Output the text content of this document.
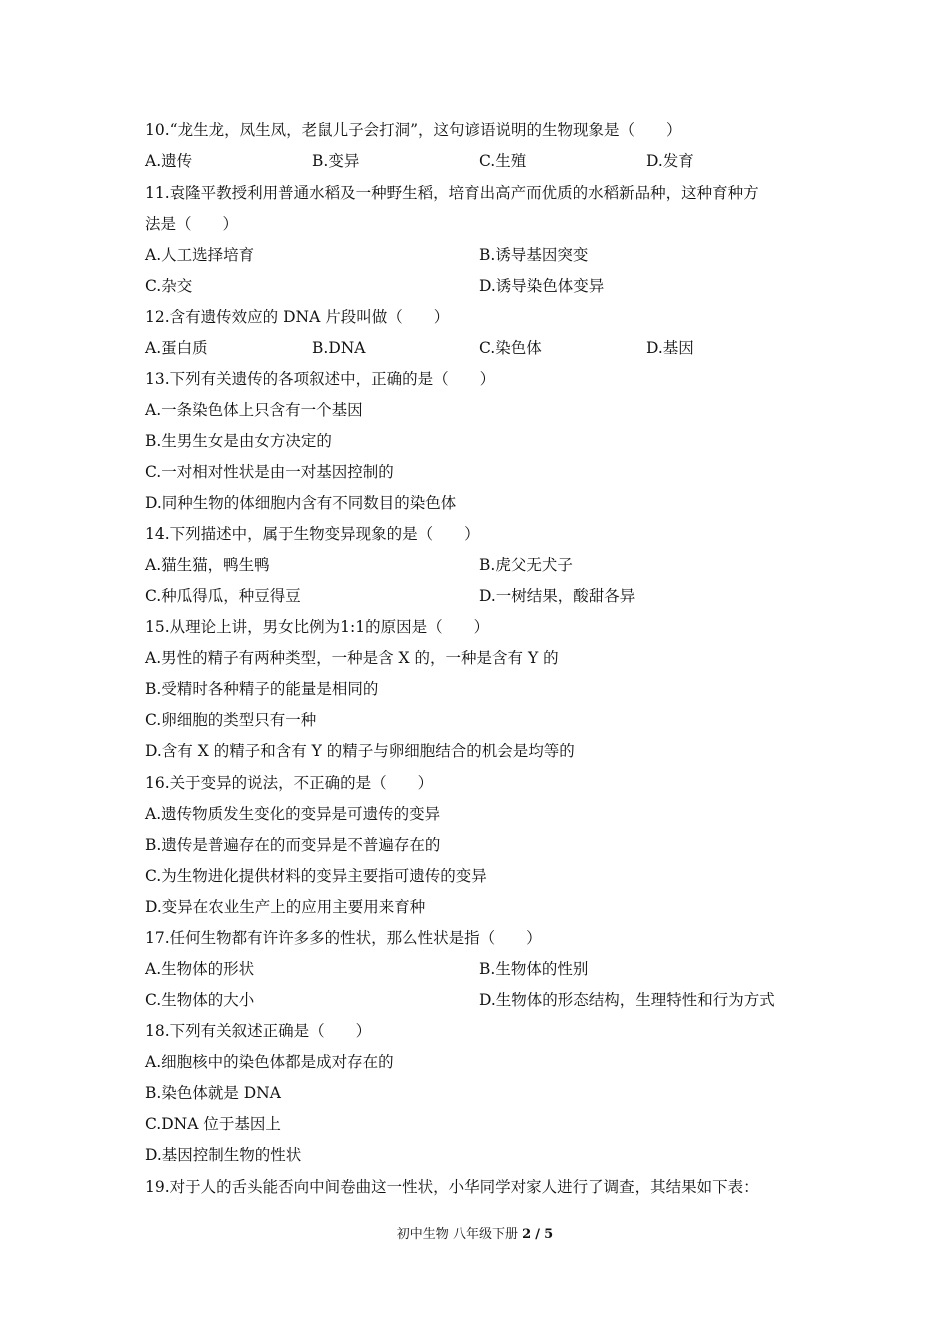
10.“龙生龙，凤生凤，老鼠儿子会打洞”，这句谚语说明的生物现象是（　　）
A.遗传	B.变异	C.生殖	D.发育
11.袁隆平教授利用普通水稻及一种野生稻，培育出高产而优质的水稻新品种，这种育种方
法是（　　）
A.人工选择培育	B.诱导基因突变
C.杂交	D.诱导染色体变异
12.含有遗传效应的 DNA 片段叫做（　　）
A.蛋白质	B.DNA	C.染色体	D.基因
13.下列有关遗传的各项叙述中，正确的是（　　）
A.一条染色体上只含有一个基因
B.生男生女是由女方决定的
C.一对相对性状是由一对基因控制的
D.同种生物的体细胞内含有不同数目的染色体
14.下列描述中，属于生物变异现象的是（　　）
A.猫生猫，鸭生鸭	B.虎父无犬子
C.种瓜得瓜，种豆得豆	D.一树结果，酸甜各异
15.从理论上讲，男女比例为1:1的原因是（　　）
A.男性的精子有两种类型，一种是含 X 的，一种是含有 Y 的
B.受精时各种精子的能量是相同的
C.卵细胞的类型只有一种
D.含有 X 的精子和含有 Y 的精子与卵细胞结合的机会是均等的
16.关于变异的说法，不正确的是（　　）
A.遗传物质发生变化的变异是可遗传的变异
B.遗传是普遍存在的而变异是不普遍存在的
C.为生物进化提供材料的变异主要指可遗传的变异
D.变异在农业生产上的应用主要用来育种
17.任何生物都有许许多多的性状，那么性状是指（　　）
A.生物体的形状	B.生物体的性别
C.生物体的大小	D.生物体的形态结构，生理特性和行为方式
18.下列有关叙述正确是（　　）
A.细胞核中的染色体都是成对存在的
B.染色体就是 DNA
C.DNA 位于基因上
D.基因控制生物的性状
19.对于人的舌头能否向中间卷曲这一性状，小华同学对家人进行了调查，其结果如下表：
初中生物 八年级下册 2 / 5
